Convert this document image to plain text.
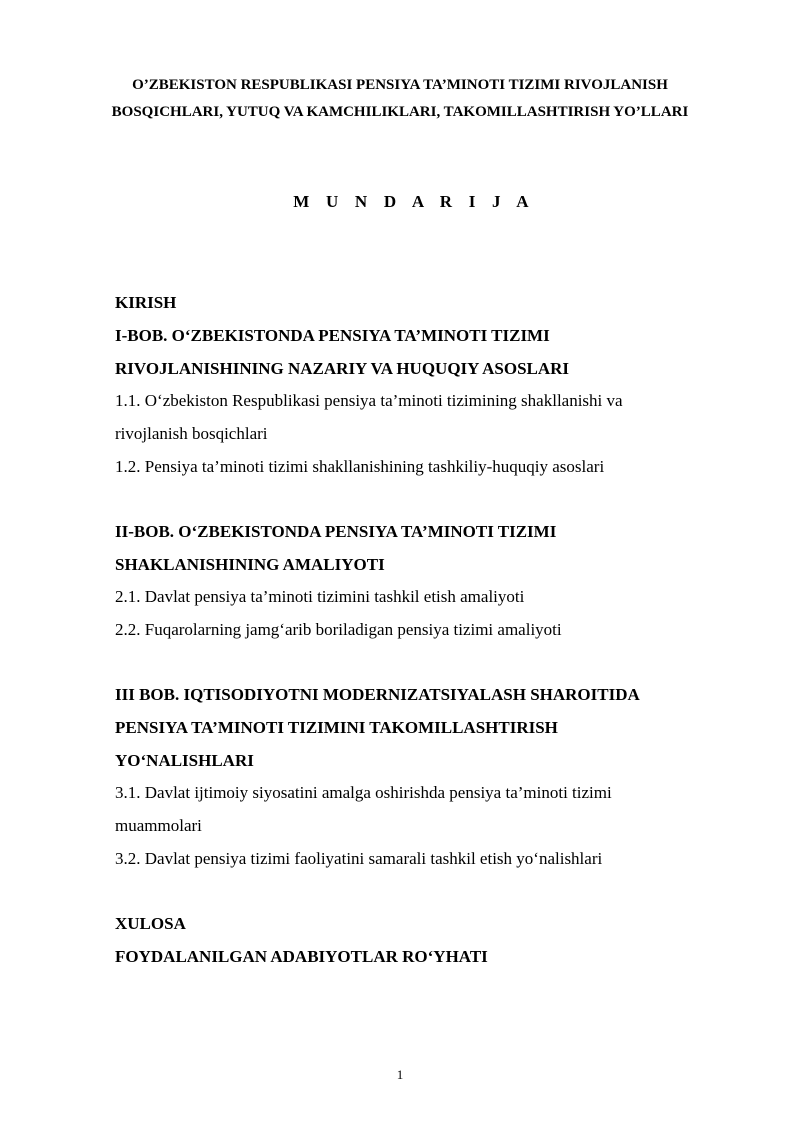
O’ZBEKISTON RESPUBLIKASI PENSIYA TA’MINOTI TIZIMI RIVOJLANISH
BOSQICHLARI, YUTUQ VA KAMCHILIKLARI, TAKOMILLASHTIRISH YO’LLARI
M U N D A R I J A
KIRISH
I-BOB. O‘ZBEKISTONDA PENSIYA TA’MINOTI TIZIMI
RIVOJLANISHINING NAZARIY VA HUQUQIY ASOSLARI
1.1. O‘zbekiston Respublikasi pensiya ta’minoti tizimining shakllanishi va
rivojlanish bosqichlari
1.2. Pensiya ta’minoti tizimi shakllanishining tashkiliy-huquqiy asoslari
II-BOB. O‘ZBEKISTONDA PENSIYA TA’MINOTI TIZIMI
SHAKLANISHINING AMALIYOTI
2.1. Davlat pensiya ta’minoti tizimini tashkil etish amaliyoti
2.2. Fuqarolarning jamg‘arib boriladigan pensiya tizimi amaliyoti
III BOB. IQTISODIYOTNI MODERNIZATSIYALASH SHAROITIDA
PENSIYA TA’MINOTI TIZIMINI TAKOMILLASHTIRISH
YO‘NALISHLARI
3.1. Davlat ijtimoiy siyosatini amalga oshirishda pensiya ta’minoti tizimi
muammolari
3.2. Davlat pensiya tizimi faoliyatini samarali tashkil etish yo‘nalishlari
XULOSA
FOYDALANILGAN ADABIYOTLAR RO‘YHATI
1
